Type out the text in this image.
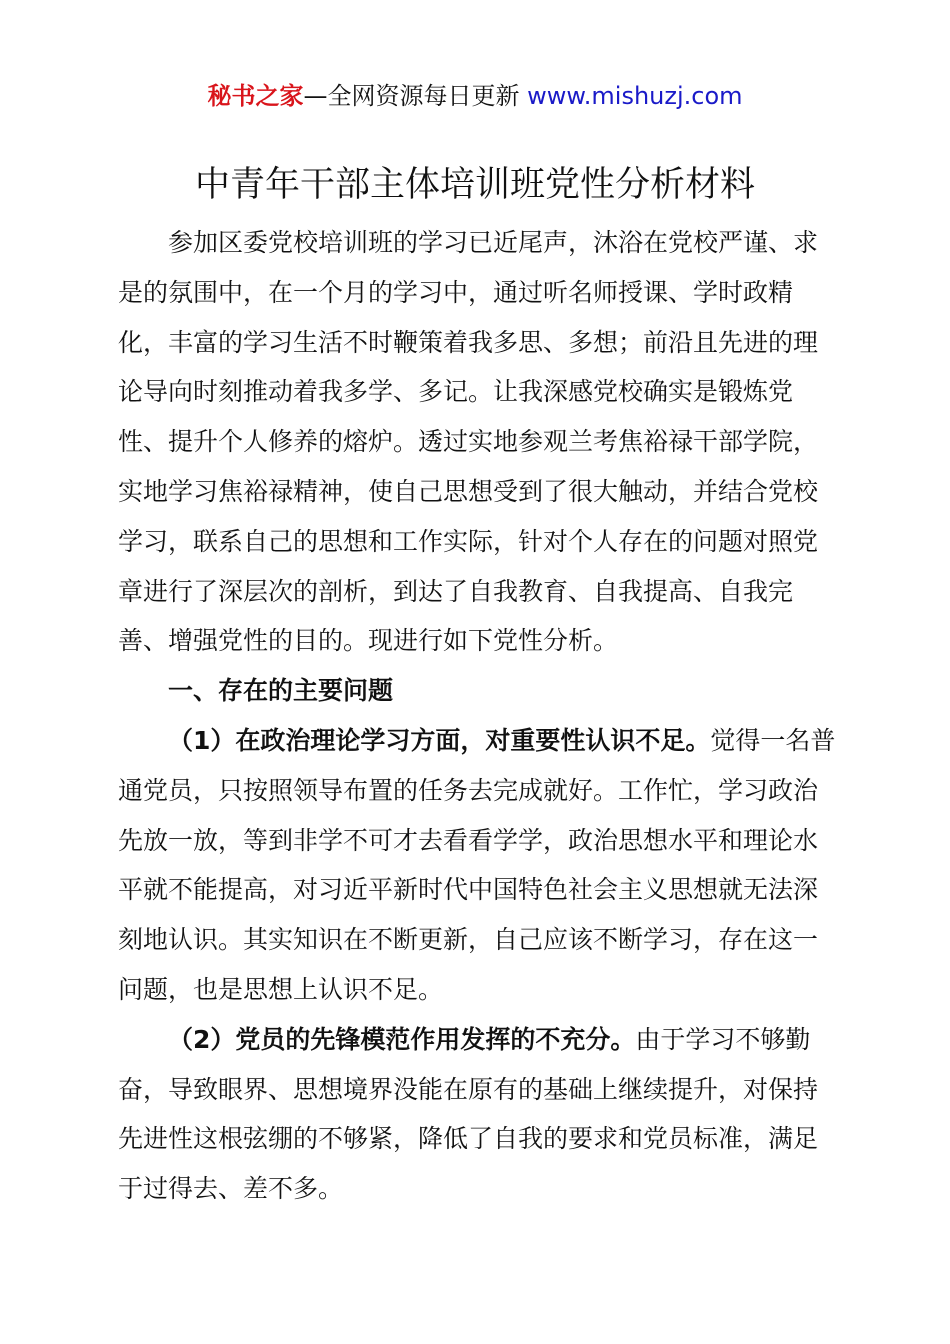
秘书之家—全网资源每日更新 www.mishuzj.com
中青年干部主体培训班党性分析材料

参加区委党校培训班的学习已近尾声，沐浴在党校严谨、求是的氛围中，在一个月的学习中，通过听名师授课、学时政精化，丰富的学习生活不时鞭策着我多思、多想；前沿且先进的理论导向时刻推动着我多学、多记。让我深感党校确实是锻炼党性、提升个人修养的熔炉。透过实地参观兰考焦裕禄干部学院，实地学习焦裕禄精神，使自己思想受到了很大触动，并结合党校学习，联系自己的思想和工作实际，针对个人存在的问题对照党章进行了深层次的剖析，到达了自我教育、自我提高、自我完善、增强党性的目的。现进行如下党性分析。

一、存在的主要问题

（1）在政治理论学习方面，对重要性认识不足。觉得一名普通党员，只按照领导布置的任务去完成就好。工作忙，学习政治先放一放，等到非学不可才去看看学学，政治思想水平和理论水平就不能提高，对习近平新时代中国特色社会主义思想就无法深刻地认识。其实知识在不断更新，自己应该不断学习，存在这一问题，也是思想上认识不足。

（2）党员的先锋模范作用发挥的不充分。由于学习不够勤奋，导致眼界、思想境界没能在原有的基础上继续提升，对保持先进性这根弦绷的不够紧，降低了自我的要求和党员标准，满足于过得去、差不多。
